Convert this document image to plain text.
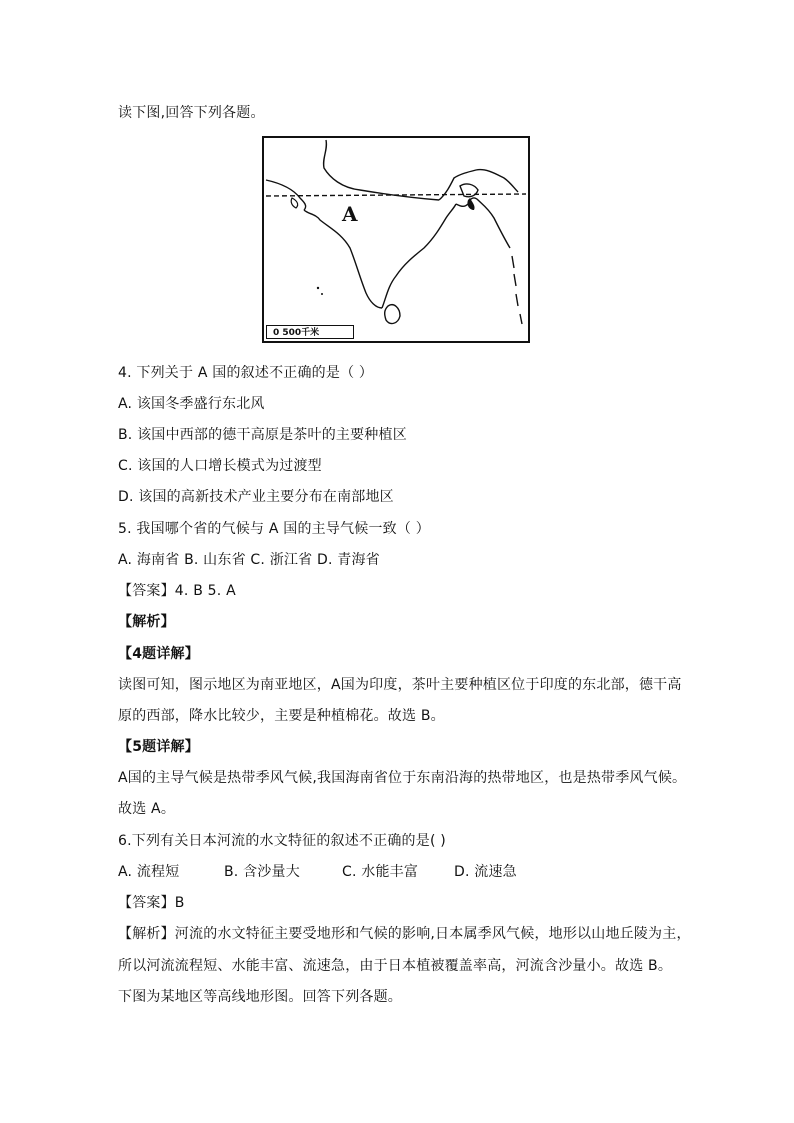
读下图,回答下列各题。
A
0 500千米
4. 下列关于 A 国的叙述不正确的是（ ）
A. 该国冬季盛行东北风
B. 该国中西部的德干高原是茶叶的主要种植区
C. 该国的人口增长模式为过渡型
D. 该国的高新技术产业主要分布在南部地区
5. 我国哪个省的气候与 A 国的主导气候一致（ ）
A. 海南省 B. 山东省 C. 浙江省 D. 青海省
【答案】4. B 5. A
【解析】
【4题详解】
读图可知，图示地区为南亚地区，A国为印度，茶叶主要种植区位于印度的东北部，德干高
原的西部，降水比较少，主要是种植棉花。故选 B。
【5题详解】
A国的主导气候是热带季风气候,我国海南省位于东南沿海的热带地区，也是热带季风气候。
故选 A。
6.下列有关日本河流的水文特征的叙述不正确的是( )
A. 流程短	B. 含沙量大	C. 水能丰富	D. 流速急
【答案】B
【解析】河流的水文特征主要受地形和气候的影响,日本属季风气候，地形以山地丘陵为主，
所以河流流程短、水能丰富、流速急，由于日本植被覆盖率高，河流含沙量小。故选 B。
下图为某地区等高线地形图。回答下列各题。
